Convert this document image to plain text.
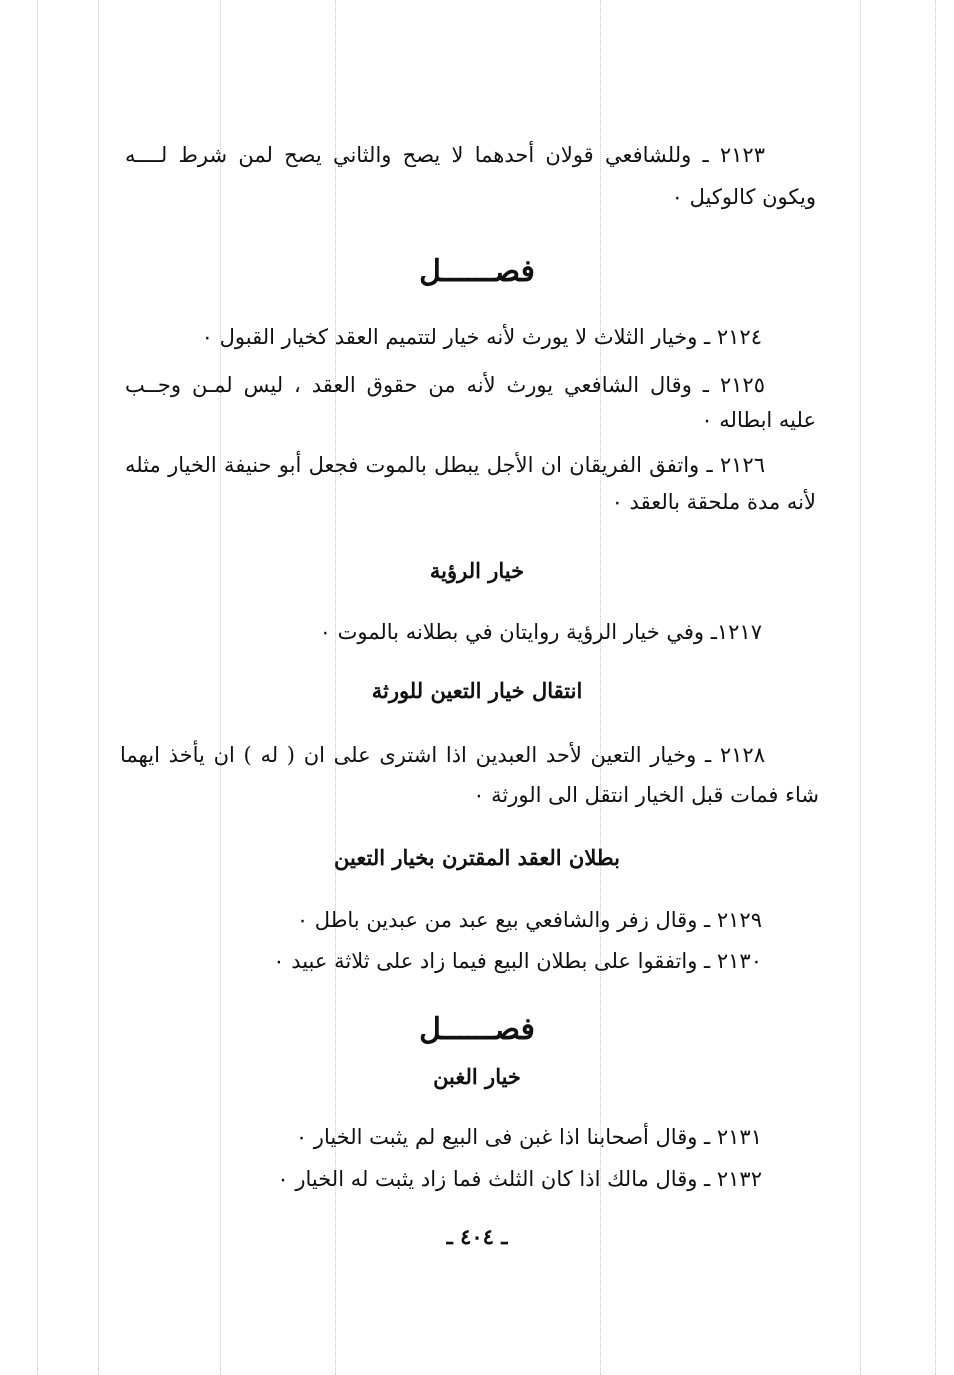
٢١٢٣ ـ وللشافعي قولان أحدهما لا يصح والثاني يصح لمن شرط لــــه
ويكون كالوكيل ٠
فصــــــل
٢١٢٤ ـ وخيار الثلاث لا يورث لأنه خيار لتتميم العقد كخيار القبول ٠
٢١٢٥ ـ وقال الشافعي يورث لأنه من حقوق العقد ، ليس لمـن وجــب
عليه ابطاله ٠
٢١٢٦ ـ واتفق الفريقان ان الأجل يبطل بالموت فجعل أبو حنيفة الخيار مثله
لأنه مدة ملحقة بالعقد ٠
خيار الرؤية
١٢١٧ـ وفي خيار الرؤية روايتان في بطلانه بالموت ٠
انتقال خيار التعين للورثة
٢١٢٨ ـ وخيار التعين لأحد العبدين اذا اشترى على ان ( له ) ان يأخذ ايهما
شاء فمات قبل الخيار انتقل الى الورثة ٠
بطلان العقد المقترن بخيار التعين
٢١٢٩ ـ وقال زفر والشافعي بيع عبد من عبدين باطل ٠
٢١٣٠ ـ واتفقوا على بطلان البيع فيما زاد على ثلاثة عبيد ٠
فصــــــل
خيار الغبن
٢١٣١ ـ وقال أصحابنا اذا غبن فى البيع لم يثبت الخيار ٠
٢١٣٢ ـ وقال مالك اذا كان الثلث فما زاد يثبت له الخيار ٠
ـ ٤٠٤ ـ
